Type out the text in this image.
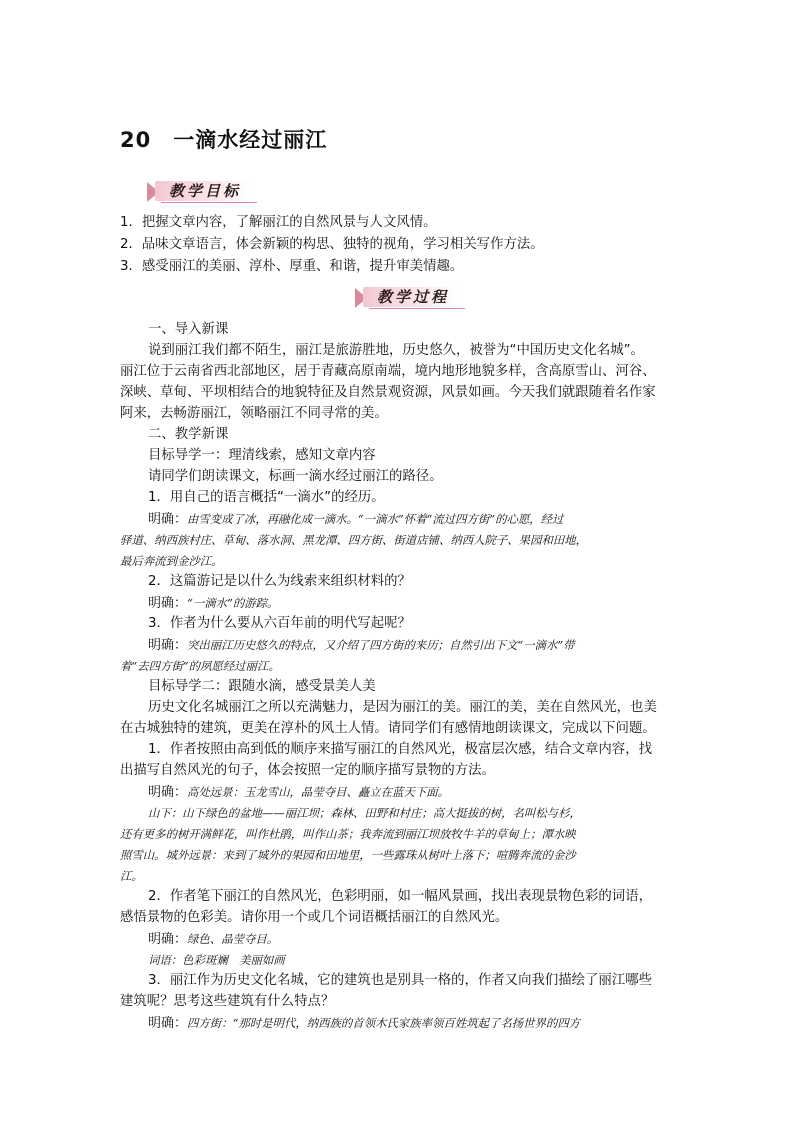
20　一滴水经过丽江
教学目标
1．把握文章内容，了解丽江的自然风景与人文风情。
2．品味文章语言，体会新颖的构思、独特的视角，学习相关写作方法。
3．感受丽江的美丽、淳朴、厚重、和谐，提升审美情趣。
教学过程
一、导入新课
说到丽江我们都不陌生，丽江是旅游胜地，历史悠久，被誉为“中国历史文化名城”。
丽江位于云南省西北部地区，居于青藏高原南端，境内地形地貌多样，含高原雪山、河谷、
深峡、草甸、平坝相结合的地貌特征及自然景观资源，风景如画。今天我们就跟随着名作家
阿来，去畅游丽江，领略丽江不同寻常的美。
二、教学新课
目标导学一：理清线索，感知文章内容
请同学们朗读课文，标画一滴水经过丽江的路径。
1．用自己的语言概括“一滴水”的经历。
明确：由雪变成了冰，再融化成一滴水。“一滴水”怀着“流过四方街”的心愿，经过
驿道、纳西族村庄、草甸、落水洞、黑龙潭、四方街、街道店铺、纳西人院子、果园和田地，
最后奔流到金沙江。
2．这篇游记是以什么为线索来组织材料的？
明确：“一滴水”的游踪。
3．作者为什么要从六百年前的明代写起呢？
明确：突出丽江历史悠久的特点，又介绍了四方街的来历；自然引出下文“一滴水”带
着“去四方街”的夙愿经过丽江。
目标导学二：跟随水滴，感受景美人美
历史文化名城丽江之所以充满魅力，是因为丽江的美。丽江的美，美在自然风光，也美
在古城独特的建筑，更美在淳朴的风土人情。请同学们有感情地朗读课文，完成以下问题。
1．作者按照由高到低的顺序来描写丽江的自然风光，极富层次感，结合文章内容，找
出描写自然风光的句子，体会按照一定的顺序描写景物的方法。
明确：高处远景：玉龙雪山，晶莹夺目、矗立在蓝天下面。
山下：山下绿色的盆地——丽江坝；森林、田野和村庄；高大挺拔的树，名叫松与杉，
还有更多的树开满鲜花，叫作杜鹃，叫作山茶；我奔流到丽江坝放牧牛羊的草甸上；潭水映
照雪山。城外远景：来到了城外的果园和田地里，一些露珠从树叶上落下；喧腾奔流的金沙
江。
2．作者笔下丽江的自然风光，色彩明丽，如一幅风景画，找出表现景物色彩的词语，
感悟景物的色彩美。请你用一个或几个词语概括丽江的自然风光。
明确：绿色、晶莹夺目。
词语：色彩斑斓　美丽如画
3．丽江作为历史文化名城，它的建筑也是别具一格的，作者又向我们描绘了丽江哪些
建筑呢？思考这些建筑有什么特点？
明确：四方街：“那时是明代，纳西族的首领木氏家族率领百姓筑起了名扬世界的四方
